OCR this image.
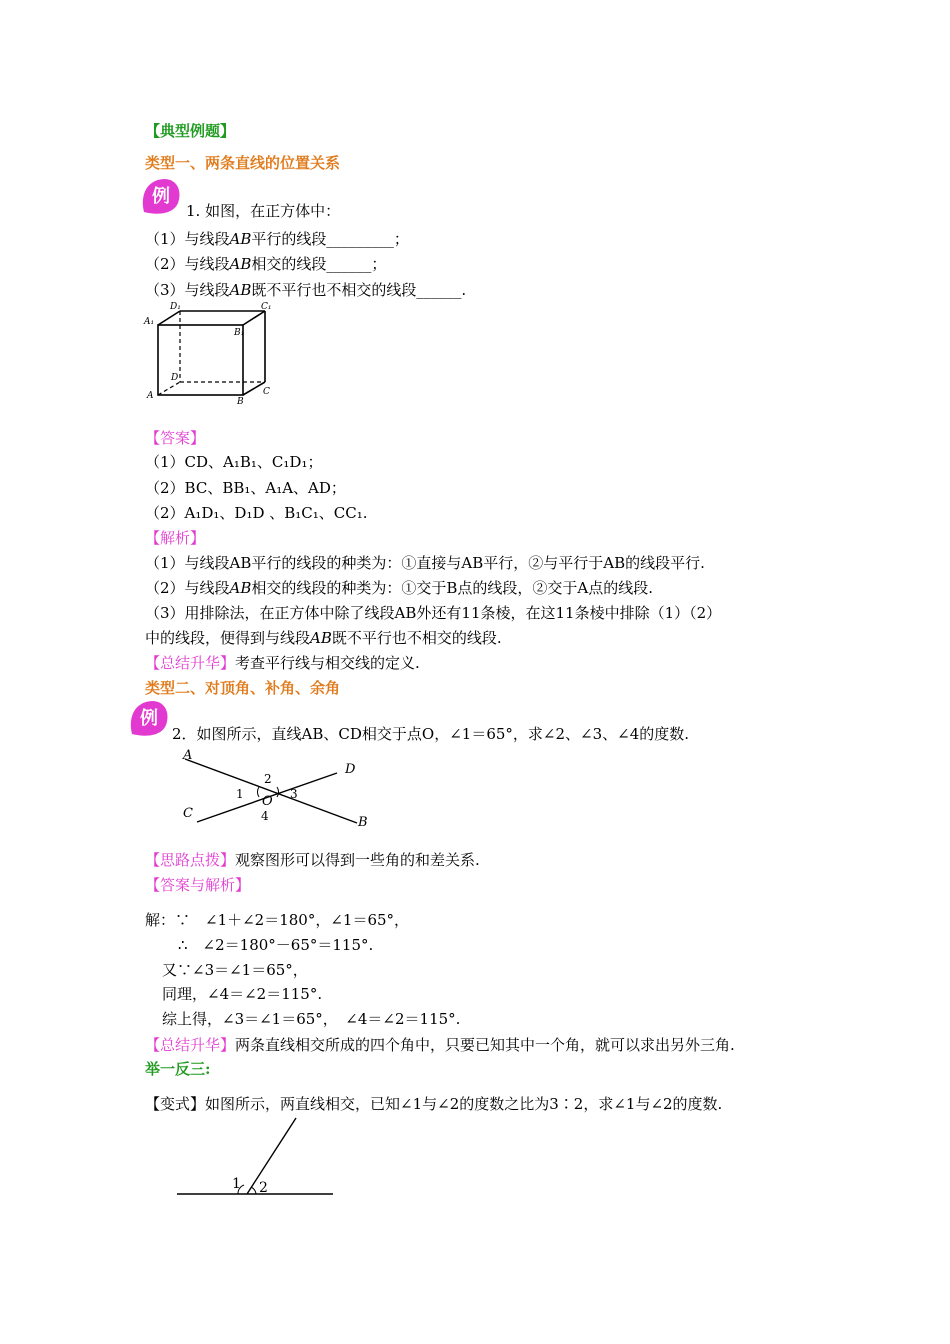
【典型例题】
类型一、两条直线的位置关系
例
1. 如图，在正方体中：
（1）与线段AB平行的线段_________；
（2）与线段AB相交的线段______；
（3）与线段AB既不平行也不相交的线段______.
A
B
C
D
A₁
B₁
C₁
D₁
【答案】
（1）CD、A₁B₁、C₁D₁；
（2）BC、BB₁、A₁A、AD；
（2）A₁D₁、D₁D 、B₁C₁、CC₁.
【解析】
（1）与线段AB平行的线段的种类为：①直接与AB平行，②与平行于AB的线段平行.
（2）与线段AB相交的线段的种类为：①交于B点的线段，②交于A点的线段.
（3）用排除法，在正方体中除了线段AB外还有11条棱，在这11条棱中排除（1）（2）
中的线段，便得到与线段AB既不平行也不相交的线段.
【总结升华】考查平行线与相交线的定义.
类型二、对顶角、补角、余角
例
2．如图所示，直线AB、CD相交于点O，∠1＝65°，求∠2、∠3、∠4的度数.
A
B
C
D
O
1
2
3
4
【思路点拨】观察图形可以得到一些角的和差关系.
【答案与解析】
解：∵　∠1＋∠2＝180°，∠1＝65°，
∴　∠2＝180°－65°＝115°.
又∵∠3＝∠1＝65°，
同理，∠4＝∠2＝115°.
综上得，∠3＝∠1＝65°，　∠4＝∠2＝115°.
【总结升华】两条直线相交所成的四个角中，只要已知其中一个角，就可以求出另外三角.
举一反三:
【变式】如图所示，两直线相交，已知∠1与∠2的度数之比为3∶2，求∠1与∠2的度数.
1 2
